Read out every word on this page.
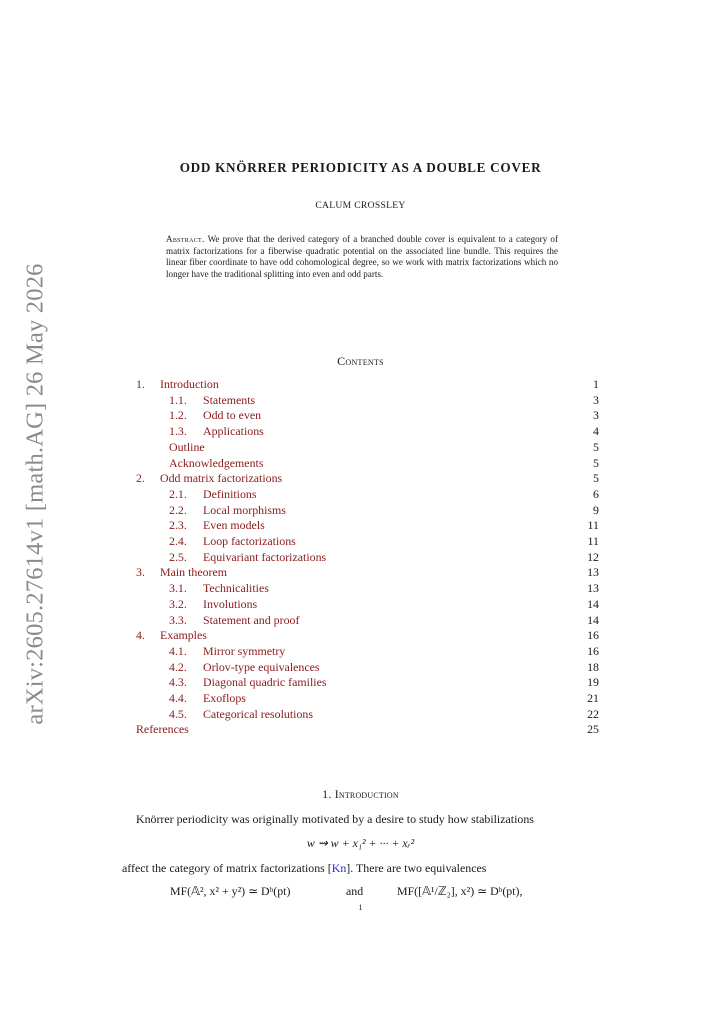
arXiv:2605.27614v1 [math.AG] 26 May 2026
ODD KNÖRRER PERIODICITY AS A DOUBLE COVER
CALUM CROSSLEY
Abstract. We prove that the derived category of a branched double cover is equivalent to a category of matrix factorizations for a fiberwise quadratic potential on the associated line bundle. This requires the linear fiber coordinate to have odd cohomological degree, so we work with matrix factorizations which no longer have the traditional splitting into even and odd parts.
Contents
1. Introduction	1
1.1. Statements	3
1.2. Odd to even	3
1.3. Applications	4
Outline	5
Acknowledgements	5
2. Odd matrix factorizations	5
2.1. Definitions	6
2.2. Local morphisms	9
2.3. Even models	11
2.4. Loop factorizations	11
2.5. Equivariant factorizations	12
3. Main theorem	13
3.1. Technicalities	13
3.2. Involutions	14
3.3. Statement and proof	14
4. Examples	16
4.1. Mirror symmetry	16
4.2. Orlov-type equivalences	18
4.3. Diagonal quadric families	19
4.4. Exoflops	21
4.5. Categorical resolutions	22
References	25
1. Introduction
Knörrer periodicity was originally motivated by a desire to study how stabilizations
w ⇝ w + x₁² + ··· + xᵣ²
affect the category of matrix factorizations [Kn]. There are two equivalences
MF(𝔸², x² + y²) ≃ Dᵇ(pt)	and	MF([𝔸¹/ℤ₂], x²) ≃ Dᵇ(pt),
1
